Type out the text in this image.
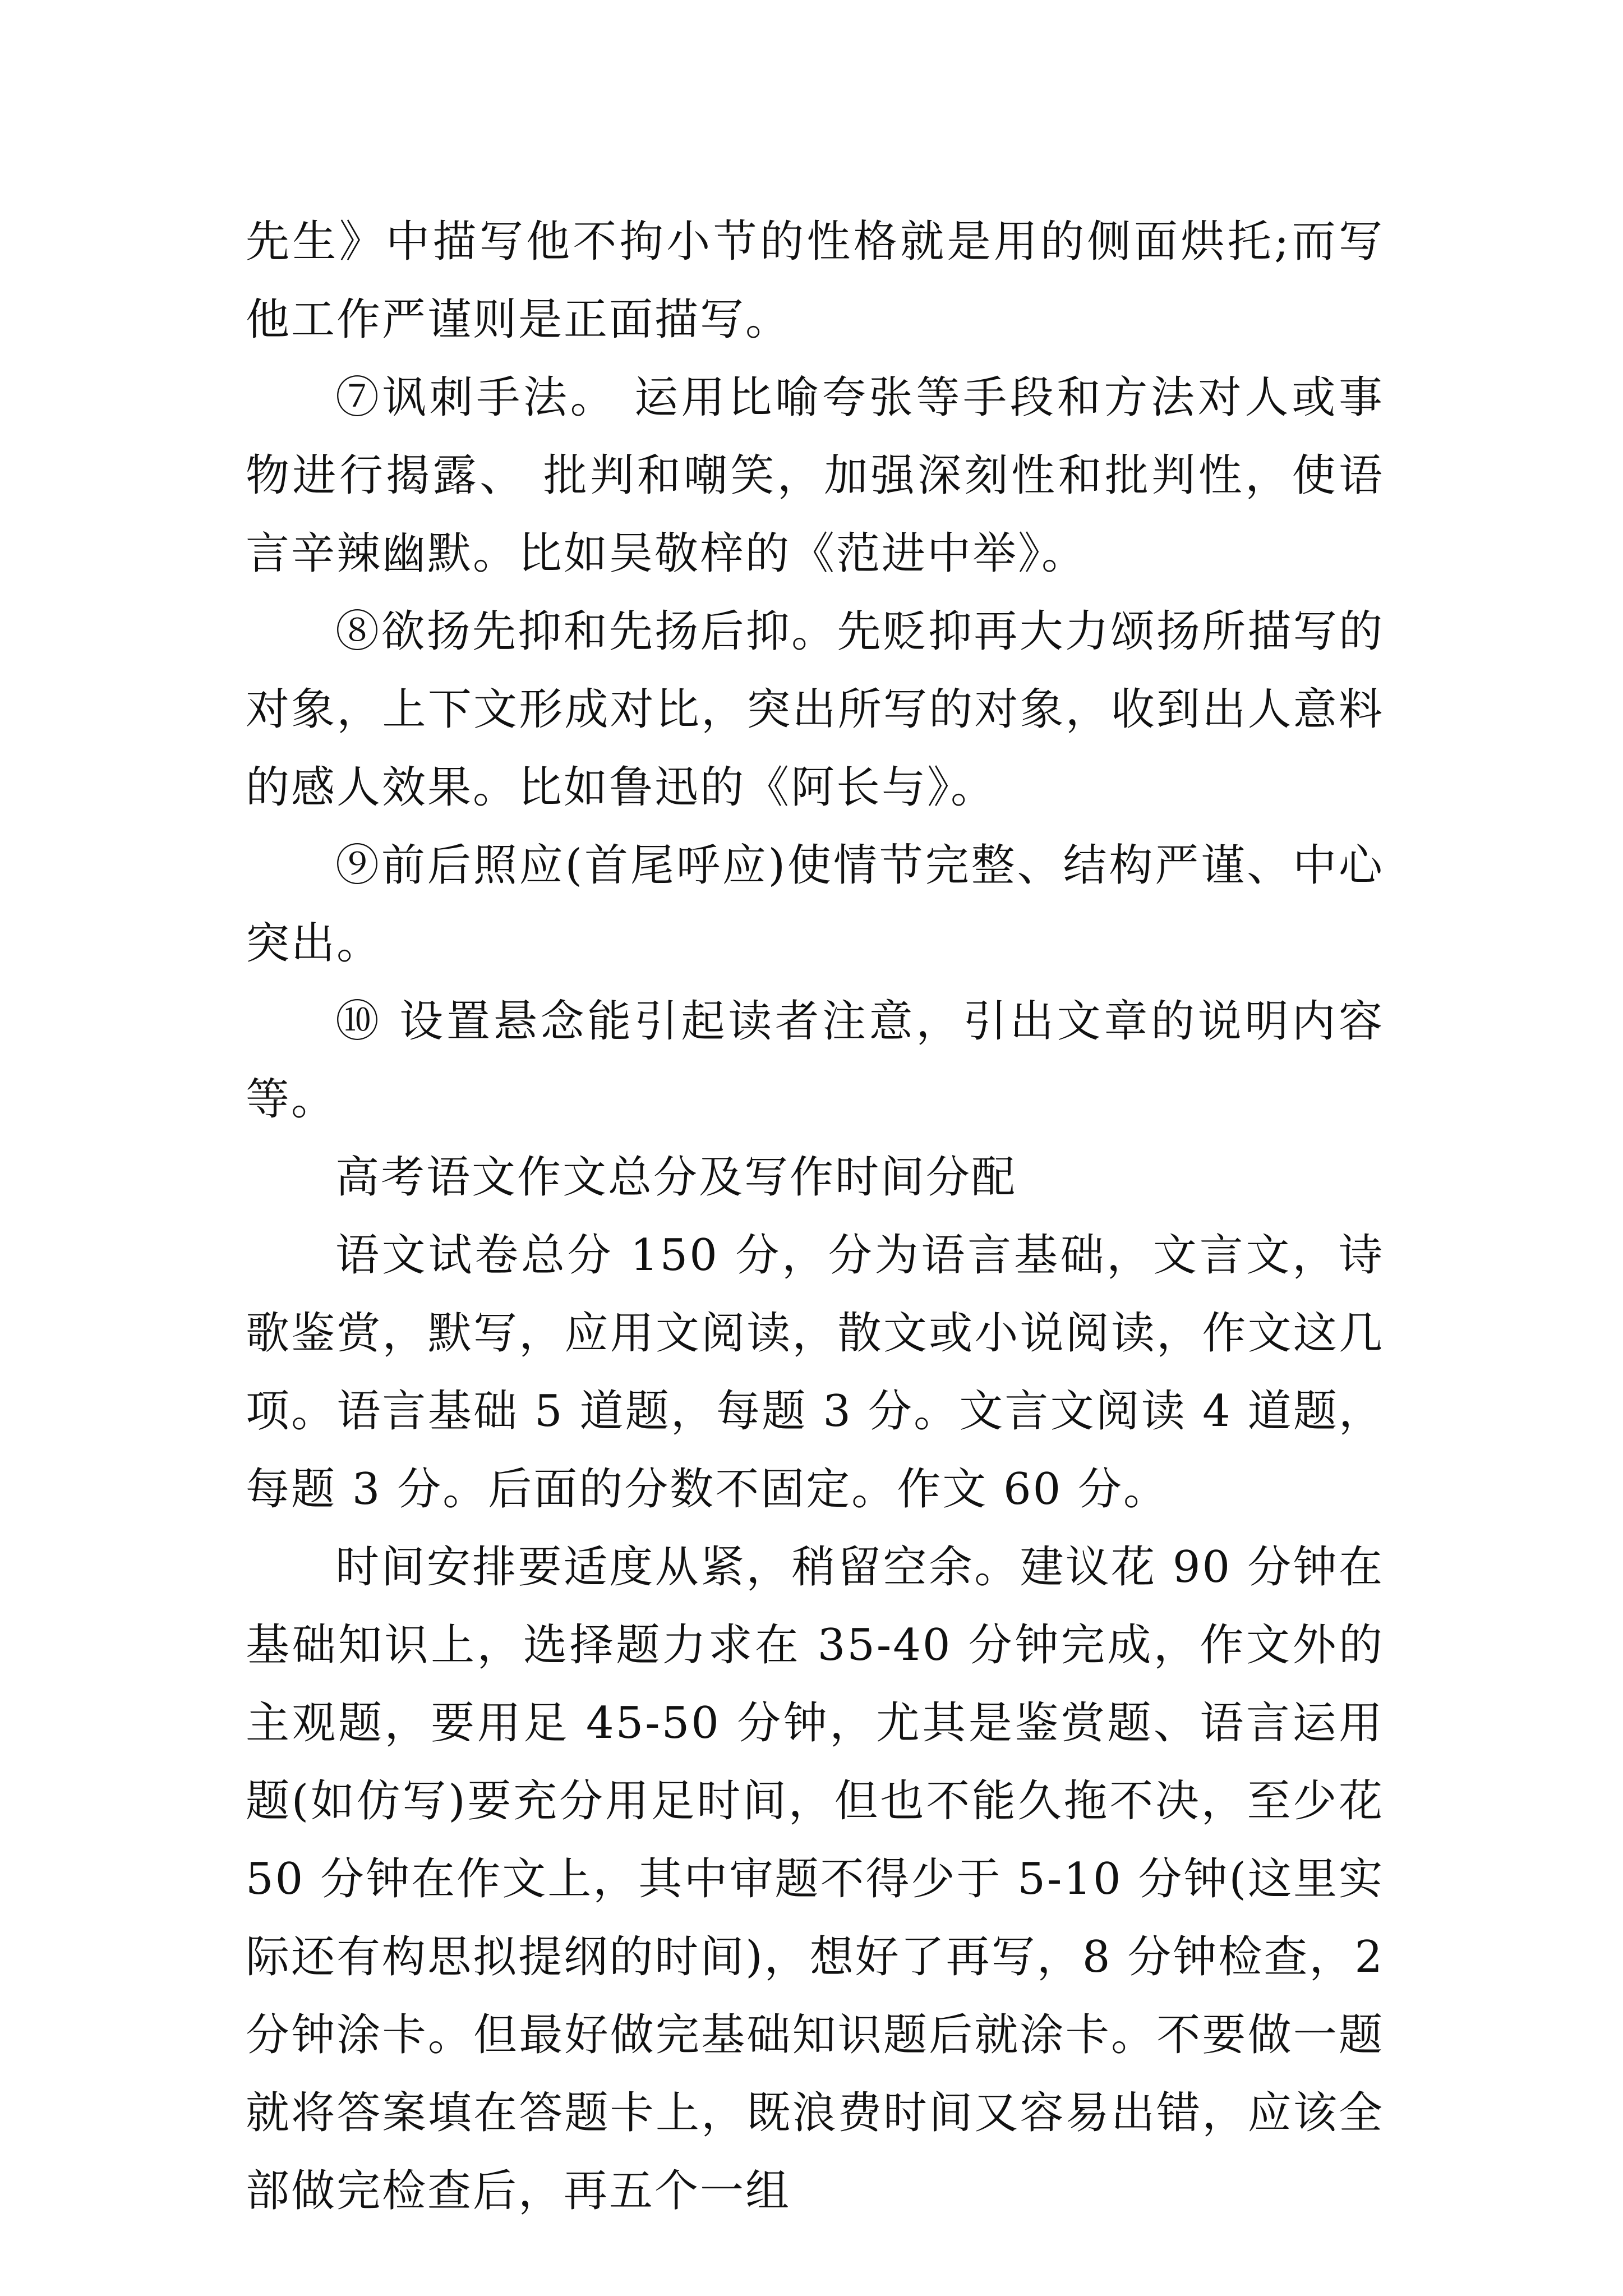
先生》中描写他不拘小节的性格就是用的侧面烘托;而写他工作严谨则是正面描写。

⑦讽刺手法。 运用比喻夸张等手段和方法对人或事物进行揭露、 批判和嘲笑，加强深刻性和批判性，使语言辛辣幽默。比如吴敬梓的《范进中举》。

⑧欲扬先抑和先扬后抑。先贬抑再大力颂扬所描写的对象，上下文形成对比，突出所写的对象，收到出人意料的感人效果。比如鲁迅的《阿长与》。

⑨前后照应(首尾呼应)使情节完整、结构严谨、中心突出。

⑩ 设置悬念能引起读者注意，引出文章的说明内容等。

高考语文作文总分及写作时间分配

语文试卷总分 150 分，分为语言基础，文言文，诗歌鉴赏，默写，应用文阅读，散文或小说阅读，作文这几项。语言基础 5 道题，每题 3 分。文言文阅读 4 道题，每题 3 分。后面的分数不固定。作文 60 分。

时间安排要适度从紧，稍留空余。建议花 90 分钟在基础知识上，选择题力求在 35-40 分钟完成，作文外的主观题，要用足 45-50 分钟，尤其是鉴赏题、语言运用题(如仿写)要充分用足时间，但也不能久拖不决，至少花 50 分钟在作文上，其中审题不得少于 5-10 分钟(这里实际还有构思拟提纲的时间)，想好了再写，8 分钟检查，2 分钟涂卡。但最好做完基础知识题后就涂卡。不要做一题就将答案填在答题卡上，既浪费时间又容易出错，应该全部做完检查后，再五个一组
